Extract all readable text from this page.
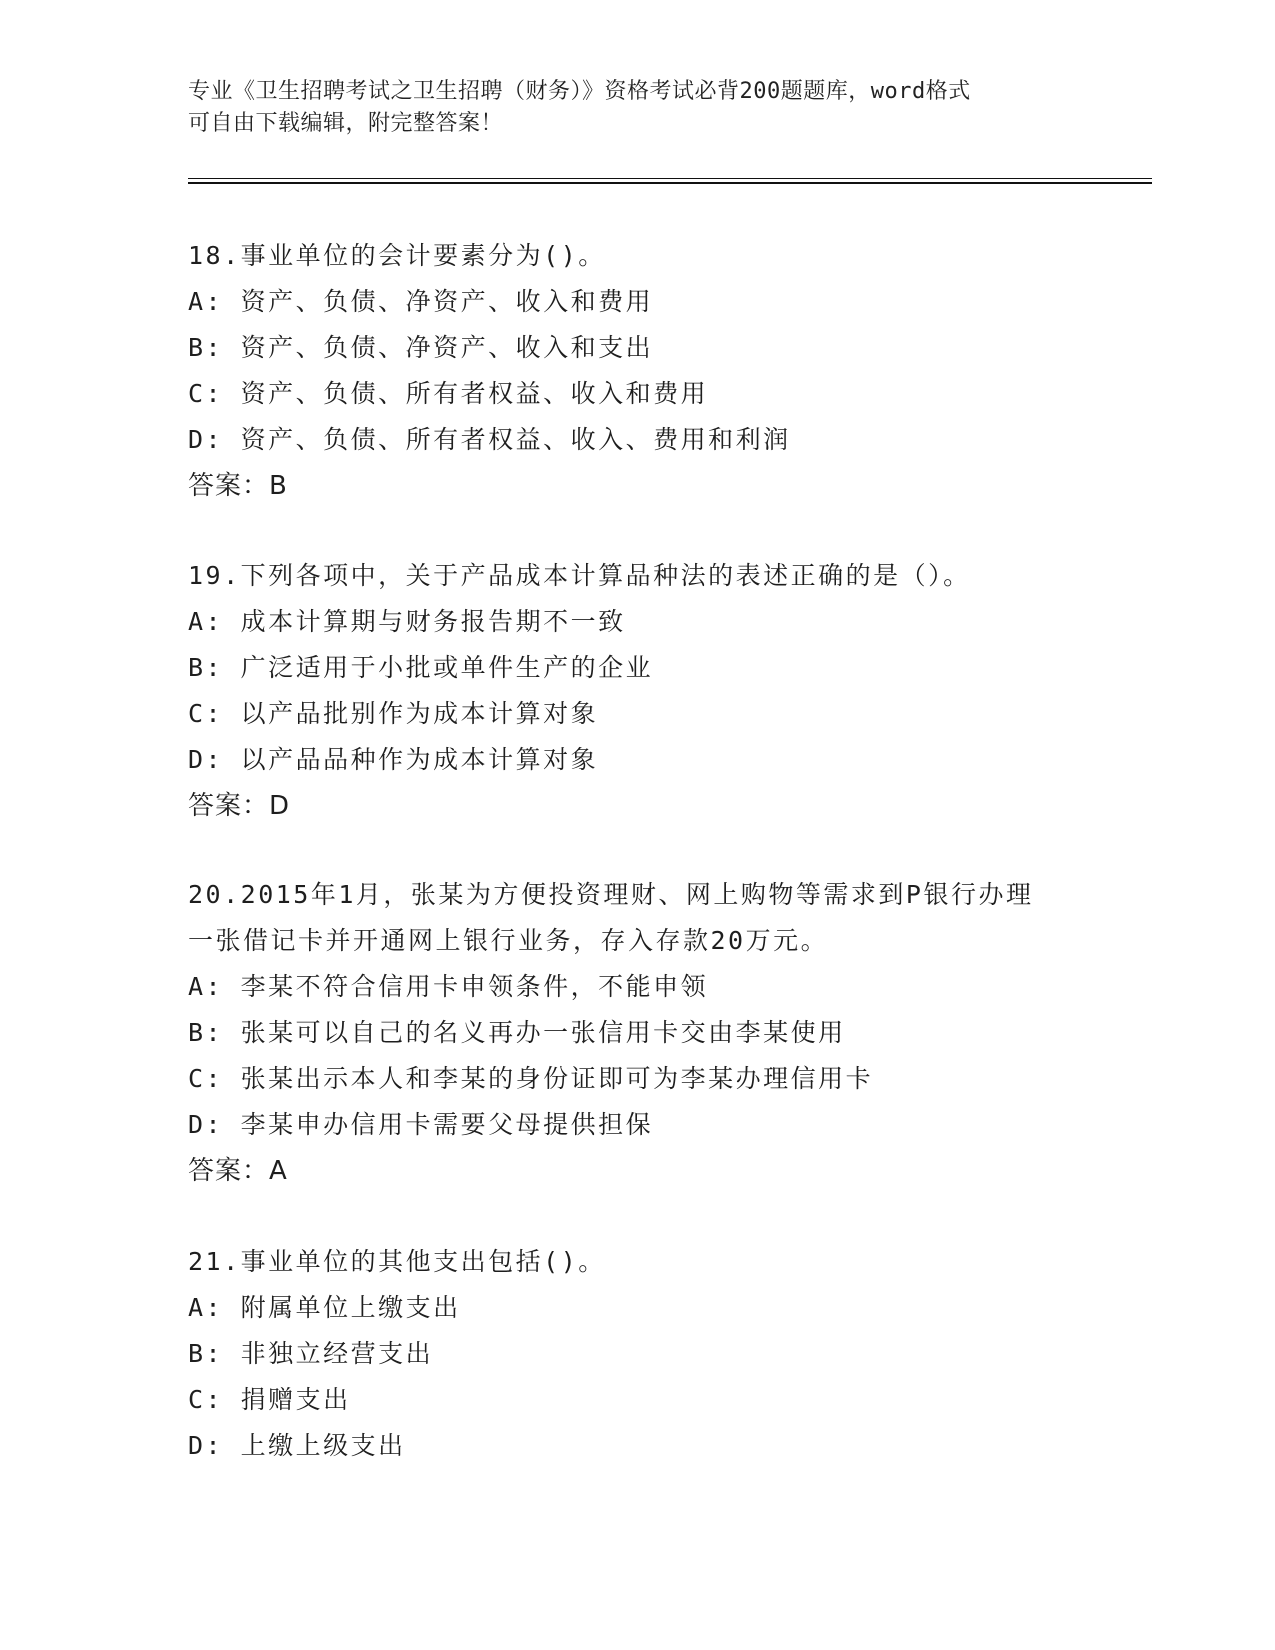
专业《卫生招聘考试之卫生招聘（财务）》资格考试必背200题题库，word格式
可自由下载编辑，附完整答案！
18.事业单位的会计要素分为()。
A: 资产、负债、净资产、收入和费用
B: 资产、负债、净资产、收入和支出
C: 资产、负债、所有者权益、收入和费用
D: 资产、负债、所有者权益、收入、费用和利润
答案：B
19.下列各项中，关于产品成本计算品种法的表述正确的是（）。
A: 成本计算期与财务报告期不一致
B: 广泛适用于小批或单件生产的企业
C: 以产品批别作为成本计算对象
D: 以产品品种作为成本计算对象
答案：D
20.2015年1月，张某为方便投资理财、网上购物等需求到P银行办理
一张借记卡并开通网上银行业务，存入存款20万元。
A: 李某不符合信用卡申领条件，不能申领
B: 张某可以自己的名义再办一张信用卡交由李某使用
C: 张某出示本人和李某的身份证即可为李某办理信用卡
D: 李某申办信用卡需要父母提供担保
答案：A
21.事业单位的其他支出包括()。
A: 附属单位上缴支出
B: 非独立经营支出
C: 捐赠支出
D: 上缴上级支出
